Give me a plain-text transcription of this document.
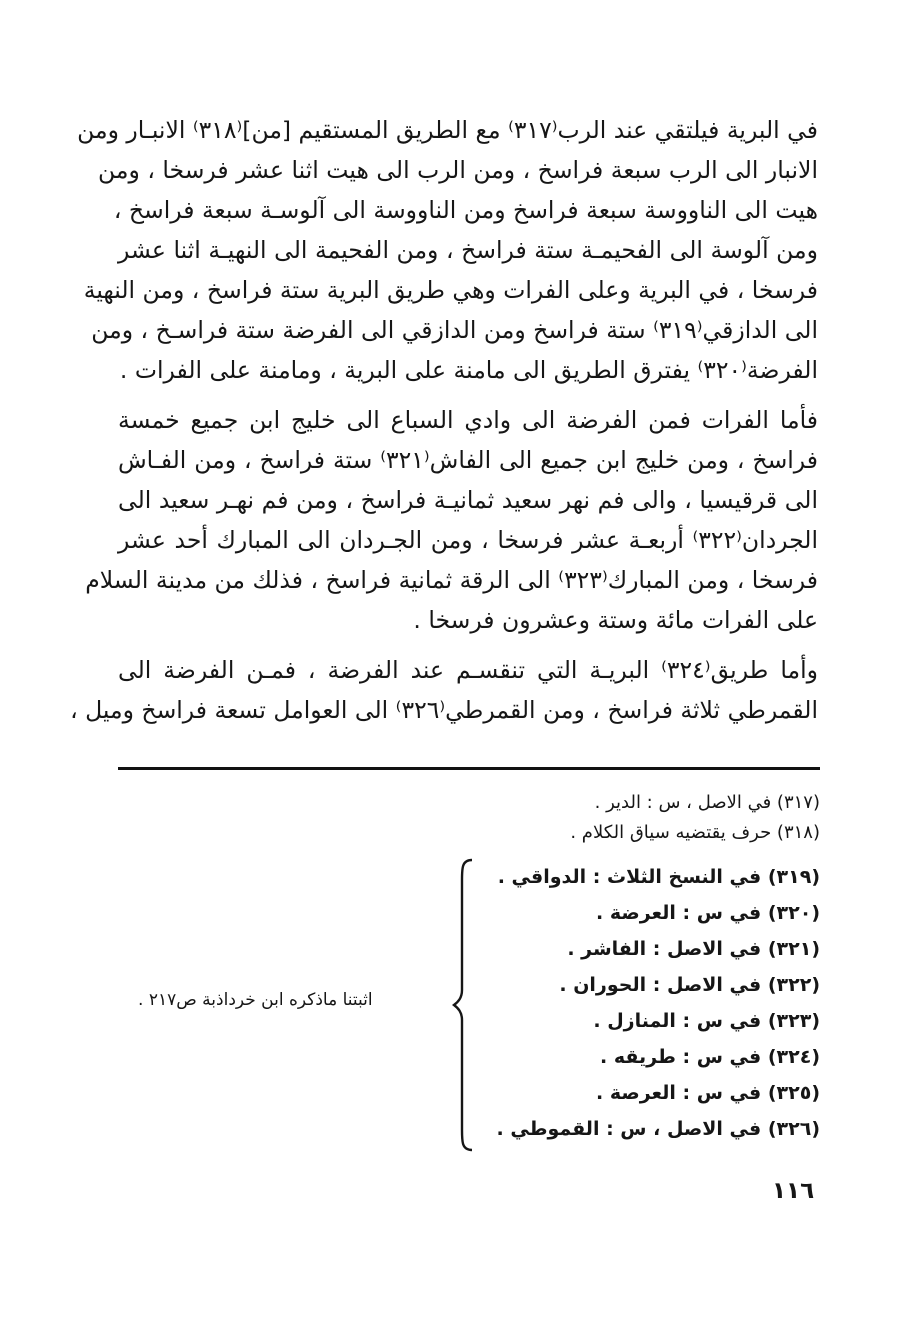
في البرية فيلتقي عند الرب⁽٣١٧⁾ مع الطريق المستقيم [من]⁽٣١٨⁾ الانبـار ومن
الانبار الى الرب سبعة فراسخ ، ومن الرب الى هيت اثنا عشر فرسخا ، ومن
هيت الى الناووسة سبعة فراسخ ومن الناووسة الى آلوسـة سبعة فراسخ ،
ومن آلوسة الى الفحيمـة ستة فراسخ ، ومن الفحيمة الى النهيـة اثنا عشر
فرسخا ، في البرية وعلى الفرات وهي طريق البرية ستة فراسخ ، ومن النهية
الى الدازقي⁽٣١٩⁾ ستة فراسخ ومن الدازقي الى الفرضة ستة فراسـخ ، ومن
الفرضة⁽٣٢٠⁾ يفترق الطريق الى مامنة على البرية ، ومامنة على الفرات .
فأما الفرات فمن الفرضة الى وادي السباع الى خليج ابن جميع خمسة
فراسخ ، ومن خليج ابن جميع الى الفاش⁽٣٢١⁾ ستة فراسخ ، ومن الفـاش
الى قرقيسيا ، والى فم نهر سعيد ثمانيـة فراسخ ، ومن فم نهـر سعيد الى
الجردان⁽٣٢٢⁾ أربعـة عشر فرسخا ، ومن الجـردان الى المبارك أحد عشر
فرسخا ، ومن المبارك⁽٣٢٣⁾ الى الرقة ثمانية فراسخ ، فذلك من مدينة السلام
على الفرات مائة وستة وعشرون فرسخا .
وأما طريق⁽٣٢٤⁾ البريـة التي تنقسـم عند الفرضة ، فمـن الفرضة الى
القمرطي ثلاثة فراسخ ، ومن القمرطي⁽٣٢٦⁾ الى العوامل تسعة فراسخ وميل ،
(٣١٧) في الاصل ، س : الدير .
(٣١٨) حرف يقتضيه سياق الكلام .
(٣١٩) في النسخ الثلاث : الدواقي .
(٣٢٠) في س : العرضة .
(٣٢١) في الاصل : الفاشر .
(٣٢٢) في الاصل : الحوران .
(٣٢٣) في س : المنازل .
(٣٢٤) في س : طريقه .
(٣٢٥) في س : العرصة .
(٣٢٦) في الاصل ، س : القموطي .
اثبتنا ماذكره ابن خرداذبة ص٢١٧ .
١١٦
